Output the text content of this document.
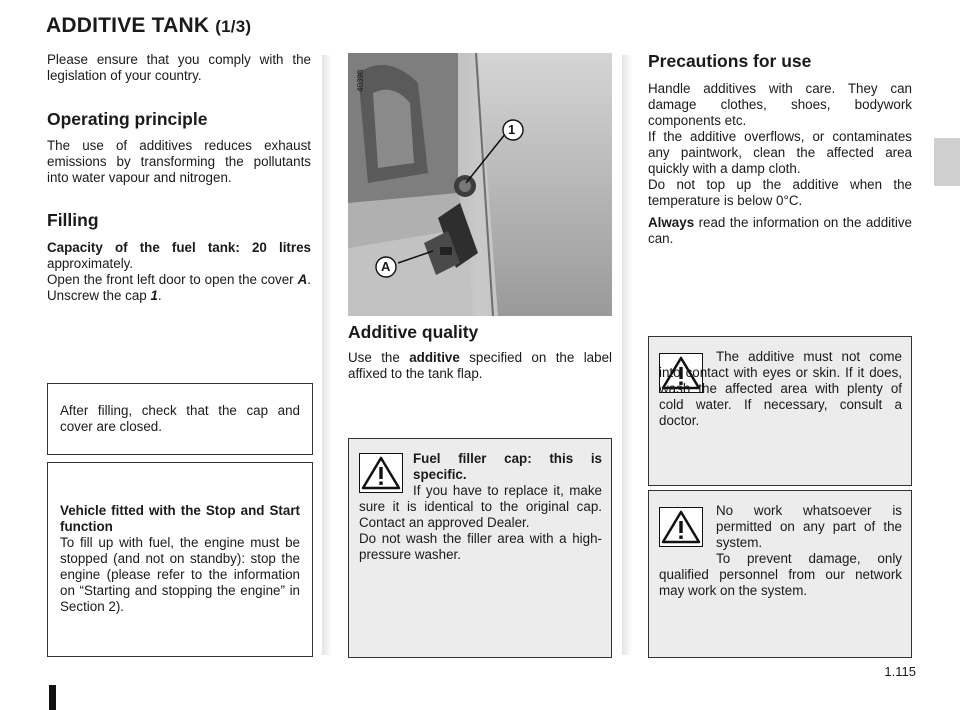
ADDITIVE TANK (1/3)

Please ensure that you comply with the legislation of your country.

Operating principle

The use of additives reduces exhaust emissions by transforming the pollutants into water vapour and nitrogen.

Filling

Capacity of the fuel tank: 20 litres approximately.
Open the front left door to open the cover A. Unscrew the cap 1.

After filling, check that the cap and cover are closed.

Vehicle fitted with the Stop and Start function
To fill up with fuel, the engine must be stopped (and not on standby): stop the engine (please refer to the information on “Starting and stopping the engine” in Section 2).

1
A
40398
Additive quality

Use the additive specified on the label affixed to the tank flap.

Fuel filler cap: this is specific.
If you have to replace it, make sure it is identical to the original cap. Contact an approved Dealer.
Do not wash the filler area with a high-pressure washer.
Precautions for use

Handle additives with care. They can damage clothes, shoes, bodywork components etc.

If the additive overflows, or contaminates any paintwork, clean the affected area quickly with a damp cloth.

Do not top up the additive when the temperature is below 0°C.

Always read the information on the additive can.

The additive must not come into contact with eyes or skin. If it does, wash the affected area with plenty of cold water. If necessary, consult a doctor.

No work whatsoever is permitted on any part of the system.
To prevent damage, only qualified personnel from our network may work on the system.
1.115
